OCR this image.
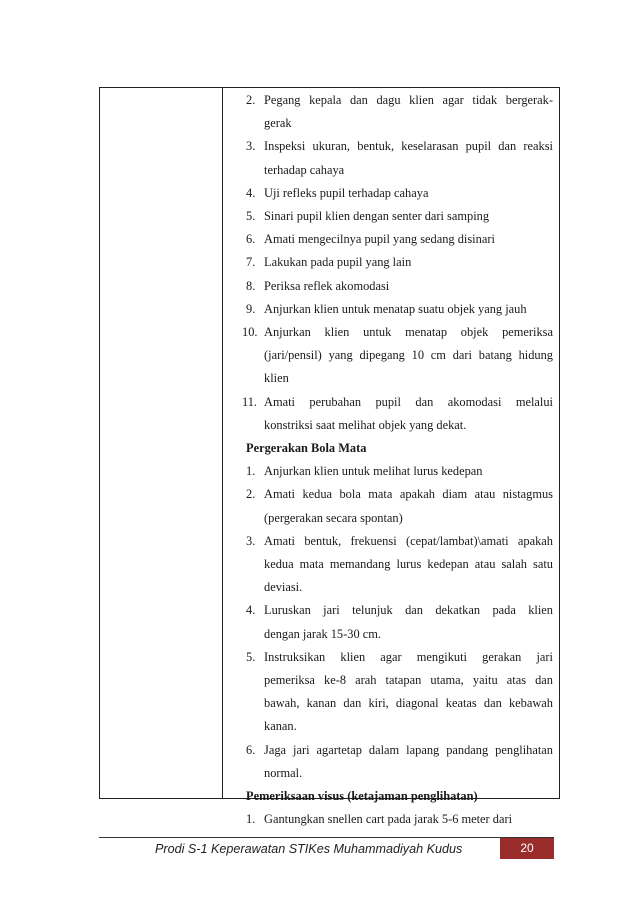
2. Pegang kepala dan dagu klien agar tidak bergerak-
gerak
3. Inspeksi ukuran, bentuk, keselarasan pupil dan reaksi
terhadap cahaya
4. Uji refleks pupil terhadap cahaya
5. Sinari pupil klien dengan senter dari samping
6. Amati mengecilnya pupil yang sedang disinari
7. Lakukan pada pupil yang lain
8. Periksa reflek akomodasi
9. Anjurkan klien untuk menatap suatu objek yang jauh
10. Anjurkan klien untuk menatap objek pemeriksa
(jari/pensil) yang dipegang 10 cm dari batang hidung
klien
11. Amati perubahan pupil dan akomodasi melalui
konstriksi saat melihat objek yang dekat.
Pergerakan Bola Mata
1. Anjurkan klien untuk melihat lurus kedepan
2. Amati kedua bola mata apakah diam atau nistagmus
(pergerakan secara spontan)
3. Amati bentuk, frekuensi (cepat/lambat)\amati apakah
kedua mata memandang lurus kedepan atau salah satu
deviasi.
4. Luruskan jari telunjuk dan dekatkan pada klien
dengan jarak 15-30 cm.
5. Instruksikan klien agar mengikuti gerakan jari
pemeriksa ke-8 arah tatapan utama, yaitu atas dan
bawah, kanan dan kiri, diagonal keatas dan kebawah
kanan.
6. Jaga jari agartetap dalam lapang pandang penglihatan
normal.
Pemeriksaan visus (ketajaman penglihatan)
1. Gantungkan snellen cart pada jarak 5-6 meter dari
Prodi S-1 Keperawatan STIKes Muhammadiyah Kudus	20
